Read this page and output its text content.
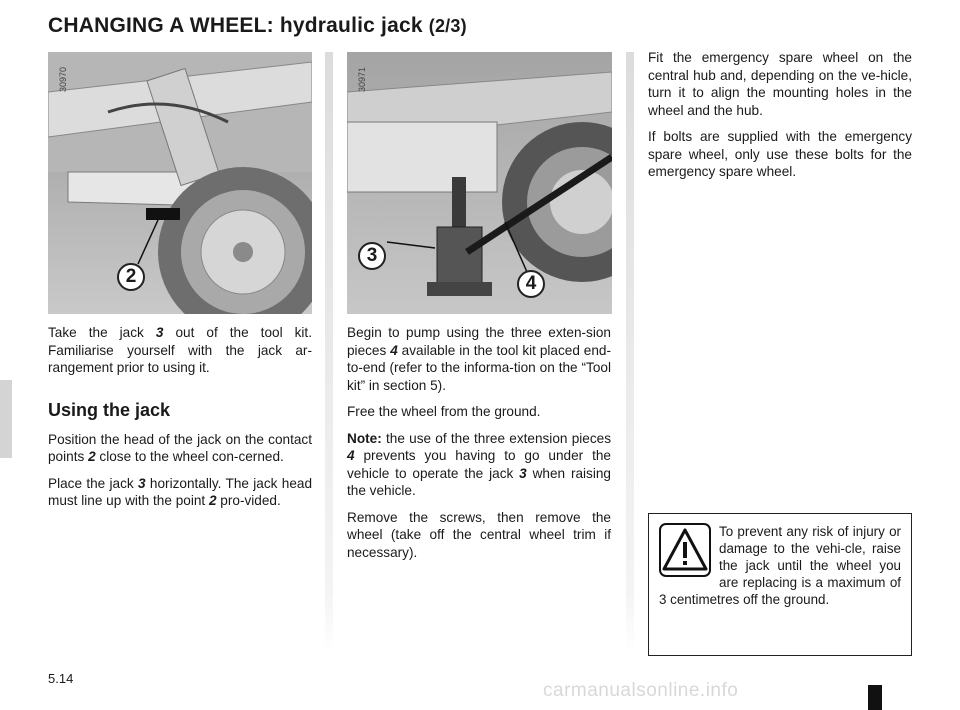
CHANGING A WHEEL: hydraulic jack (2/3)
30970
2
30971
3
4

Take the jack 3 out of the tool kit. Familiarise yourself with the jack ar-rangement prior to using it.

Using the jack

Position the head of the jack on the contact points 2 close to the wheel con-cerned.

Place the jack 3 horizontally. The jack head must line up with the point 2 pro-vided.

Begin to pump using the three exten-sion pieces 4 available in the tool kit placed end-to-end (refer to the informa-tion on the “Tool kit” in section 5).

Free the wheel from the ground.

Note: the use of the three extension pieces 4 prevents you having to go under the vehicle to operate the jack 3 when raising the vehicle.

Remove the screws, then remove the wheel (take off the central wheel trim if necessary).

Fit the emergency spare wheel on the central hub and, depending on the ve-hicle, turn it to align the mounting holes in the wheel and the hub.

If bolts are supplied with the emergency spare wheel, only use these bolts for the emergency spare wheel.

To prevent any risk of injury or damage to the vehi-cle, raise the jack until the wheel you are replacing is a maximum of 3 centimetres off the ground.
5.14
carmanualsonline.info
